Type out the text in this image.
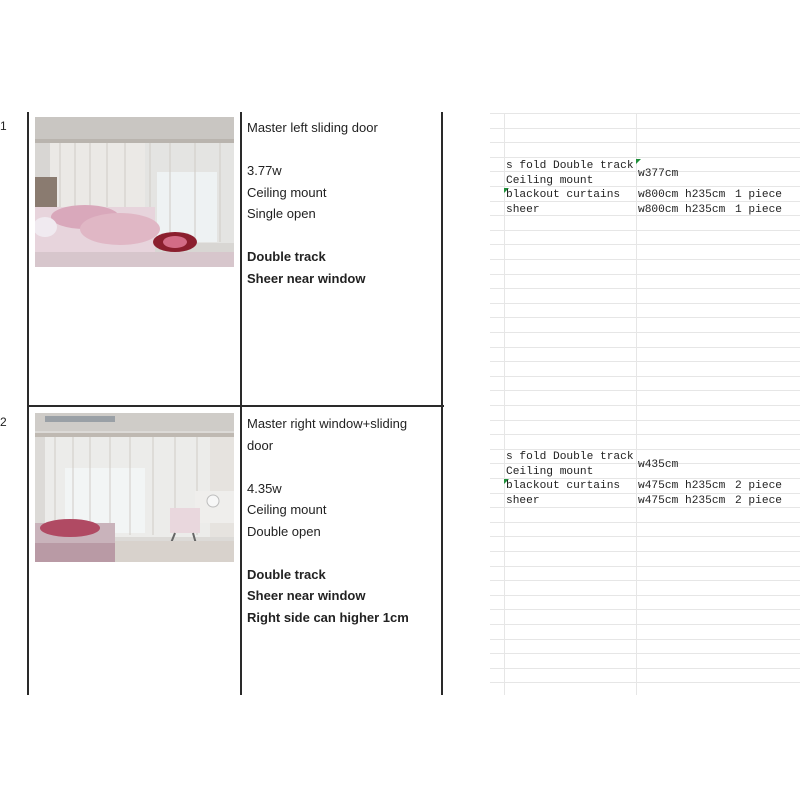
1	Master left sliding door
3.77w
Ceiling mount
Single open
Double track
Sheer near window
2	Master right window+sliding
door
4.35w
Ceiling mount
Double open
Double track
Sheer near window
Right side can higher 1cm
s fold Double track
Ceiling mount
w377cm
blackout curtains w800cm h235cm 1 piece
sheer	w800cm h235cm 1 piece
s fold Double track
Ceiling mount
w435cm
blackout curtains w475cm h235cm 2 piece
sheer	w475cm h235cm 2 piece
